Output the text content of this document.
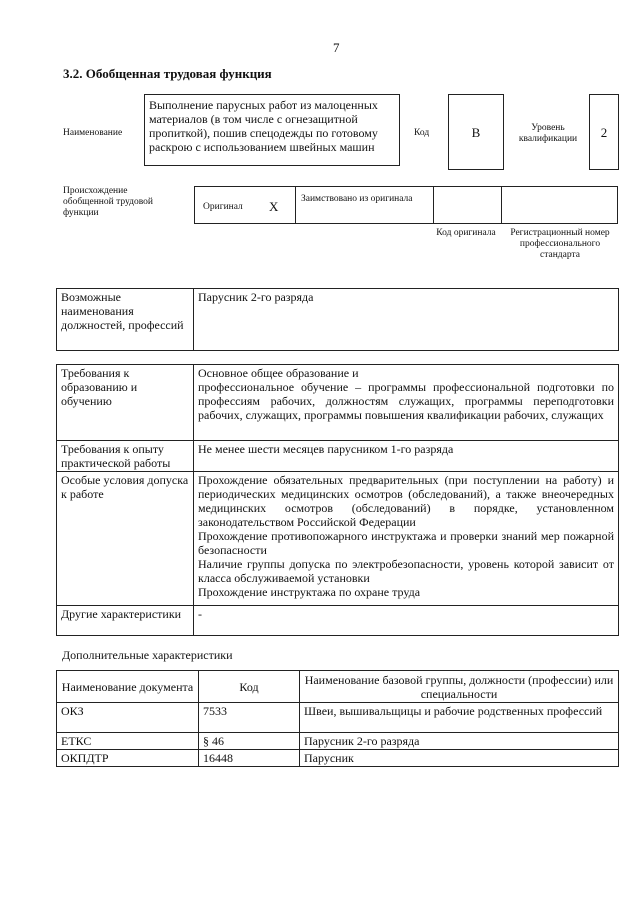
7
3.2. Обобщенная трудовая функция
Наименование
Выполнение парусных работ из малоценных материалов (в том числе с огнезащитной пропиткой), пошив спецодежды по готовому раскрою с использованием швейных машин
Код	B	Уровень квалификации	2
Происхождение обобщенной трудовой функции
Оригинал X Заимствовано из оригинала
Код оригинала	Регистрационный номер профессионального стандарта
Возможные наименования должностей, профессий	Парусник 2-го разряда
Требования к образованию и обучению	Основное общее образование и
профессиональное обучение – программы профессиональной подготовки по профессиям рабочих, должностям служащих, программы переподготовки рабочих, служащих, программы повышения квалификации рабочих, служащих

Требования к опыту практической работы	Не менее шести месяцев парусником 1-го разряда

Особые условия допуска к работе	Прохождение обязательных предварительных (при поступлении на работу) и периодических медицинских осмотров (обследований), а также внеочередных медицинских осмотров (обследований) в порядке, установленном законодательством Российской Федерации
Прохождение противопожарного инструктажа и проверки знаний мер пожарной безопасности
Наличие группы допуска по электробезопасности, уровень которой зависит от класса обслуживаемой установки
Прохождение инструктажа по охране труда

Другие характеристики	-
Дополнительные характеристики
Наименование документа	Код	Наименование базовой группы, должности (профессии) или специальности
ОКЗ	7533	Швеи, вышивальщицы и рабочие родственных профессий
ЕТКС	§ 46	Парусник 2-го разряда
ОКПДТР	16448	Парусник
